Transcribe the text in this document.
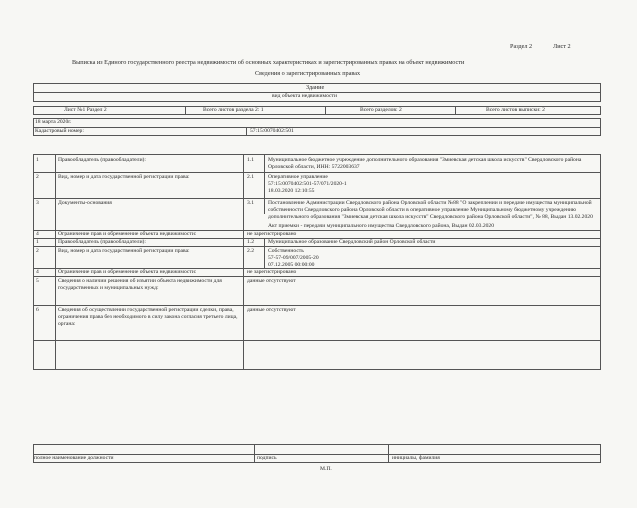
Раздел 2	Лист 2
Выписка из Единого государственного реестра недвижимости об основных характеристиках и зарегистрированных правах на объект недвижимости
Сведения о зарегистрированных правах
Здание
вид объекта недвижимости
Лист №1 Раздел 2	Всего листов раздела 2: 1	Всего разделов: 2	Всего листов выписки: 2
18 марта 2020г.
Кадастровый номер:	57:15:0070402:501
1	Правообладатель (правообладатели):	1.1	Муниципальное бюджетное учреждение дополнительного образования "Змиевская детская школа искусств" Свердловского района Орловской области, ИНН: 5722003637
2	Вид, номер и дата государственной регистрации права:	2.1	Оперативное управление
57:15:0070402:501-57/071/2020-1
18.03.2020 12:10:55
3	Документы-основания	3.1	Постановление Администрации Свердловского района Орловской области №88 "О закреплении и передаче имущества муниципальной собственности Свердловского района Орловской области в оперативное управление Муниципальному бюджетному учреждению дополнительного образования "Змиевская детская школа искусств" Свердловского района Орловской области", № 88, Выдан 13.02.2020
Акт приемки - передачи муниципального имущества Свердловского района, Выдан 02.03.2020
4	Ограничение прав и обременение объекта недвижимости:	не зарегистрировано
1	Правообладатель (правообладатели):	1.2	Муниципальное образование Свердловский район Орловской области
2	Вид, номер и дата государственной регистрации права:	2.2	Собственность
57-57-09/007/2005-20
07.12.2005 00:00:00
4	Ограничение прав и обременение объекта недвижимости:	не зарегистрировано
5	Сведения о наличии решения об изъятии объекта недвижимости для государственных и муниципальных нужд:
данные отсутствуют
6	Сведения об осуществлении государственной регистрации сделки, права, ограничения права без необходимого в силу закона согласия третьего лица, органа:
данные отсутствуют
полное наименование должности	подпись	инициалы, фамилия
М.П.
